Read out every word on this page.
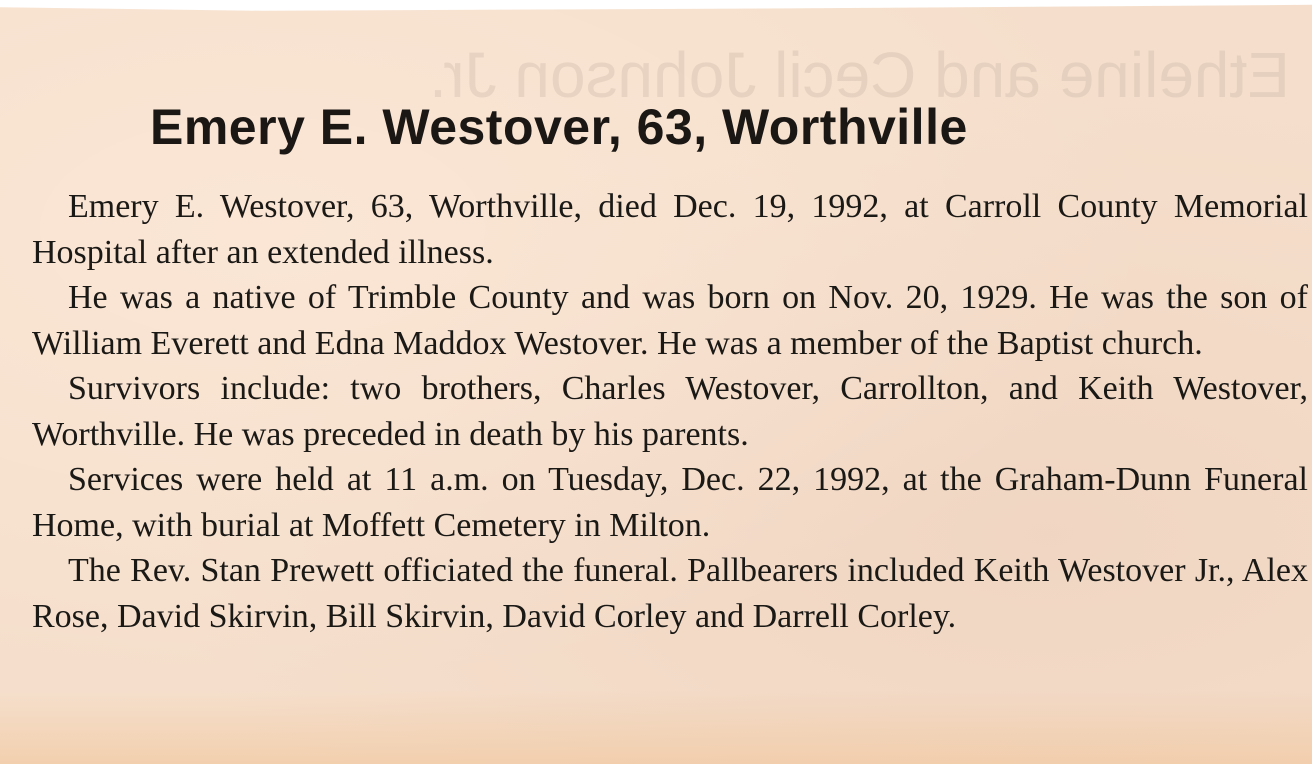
Etheline and Cecil Johnson Jr.
Emery E. Westover, 63, Worthville

Emery E. Westover, 63, Worthville, died Dec. 19, 1992, at Carroll County Memorial Hospital after an extended illness.

He was a native of Trimble County and was born on Nov. 20, 1929. He was the son of William Everett and Edna Maddox Westover. He was a member of the Baptist church.

Survivors include: two brothers, Charles Westover, Carrollton, and Keith Westover, Worthville. He was preceded in death by his parents.

Services were held at 11 a.m. on Tuesday, Dec. 22, 1992, at the Graham-Dunn Funeral Home, with burial at Moffett Cemetery in Milton.

The Rev. Stan Prewett officiated the funeral. Pallbearers included Keith Westover Jr., Alex Rose, David Skirvin, Bill Skirvin, David Corley and Darrell Corley.
